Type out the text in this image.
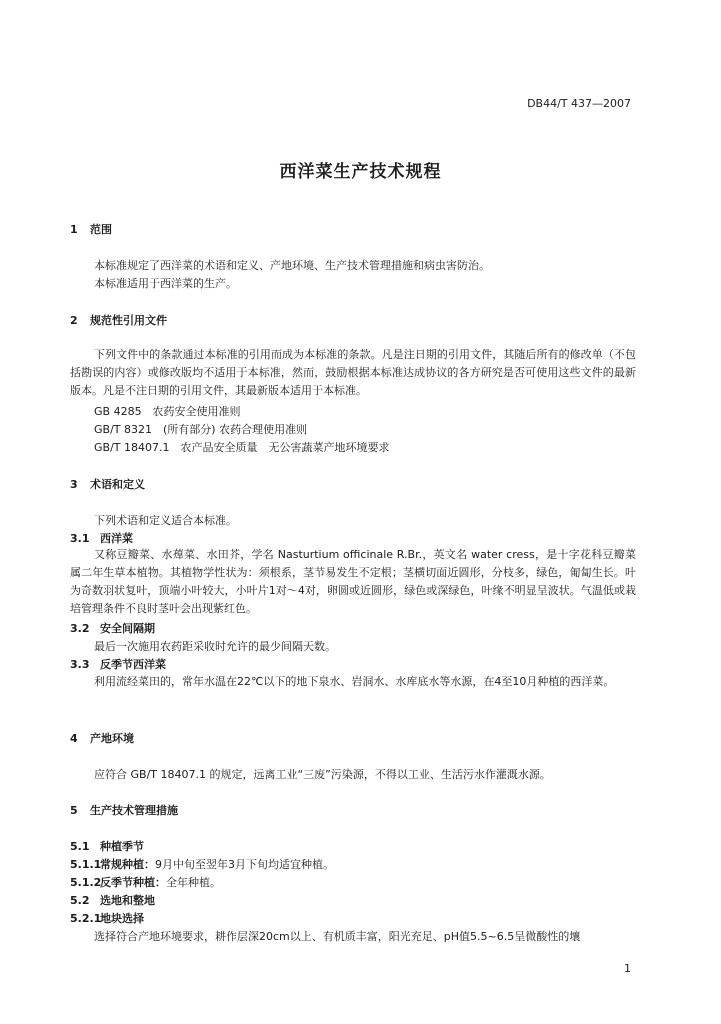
DB44/T 437—2007
西洋菜生产技术规程
1 范围
本标准规定了西洋菜的术语和定义、产地环境、生产技术管理措施和病虫害防治。
本标准适用于西洋菜的生产。
2 规范性引用文件
下列文件中的条款通过本标准的引用而成为本标准的条款。凡是注日期的引用文件，其随后所有的修改单（不包括勘误的内容）或修改版均不适用于本标准，然而，鼓励根据本标准达成协议的各方研究是否可使用这些文件的最新版本。凡是不注日期的引用文件，其最新版本适用于本标准。
GB 4285　农药安全使用准则
GB/T 8321　(所有部分) 农药合理使用准则
GB/T 18407.1　农产品安全质量　无公害蔬菜产地环境要求
3 术语和定义
下列术语和定义适合本标准。
3.1 西洋菜
又称豆瓣菜、水蔊菜、水田芥，学名 Nasturtium officinale R.Br.，英文名 water cress，是十字花科豆瓣菜属二年生草本植物。其植物学性状为：须根系，茎节易发生不定根；茎横切面近圆形，分枝多，绿色，匍匐生长。叶为奇数羽状复叶，顶端小叶较大，小叶片1对～4对，卵圆或近圆形，绿色或深绿色，叶缘不明显呈波状。气温低或栽培管理条件不良时茎叶会出现紫红色。
3.2 安全间隔期
最后一次施用农药距采收时允许的最少间隔天数。
3.3 反季节西洋菜
利用流经菜田的，常年水温在22℃以下的地下泉水、岩洞水、水库底水等水源，在4至10月种植的西洋菜。
4 产地环境
应符合 GB/T 18407.1 的规定，远离工业“三废”污染源，不得以工业、生活污水作灌溉水源。
5 生产技术管理措施
5.1 种植季节
5.1.1常规种植：9月中旬至翌年3月下旬均适宜种植。
5.1.2反季节种植：全年种植。
5.2 选地和整地
5.2.1地块选择
选择符合产地环境要求，耕作层深20cm以上、有机质丰富，阳光充足、pH值5.5~6.5呈微酸性的壤
1
